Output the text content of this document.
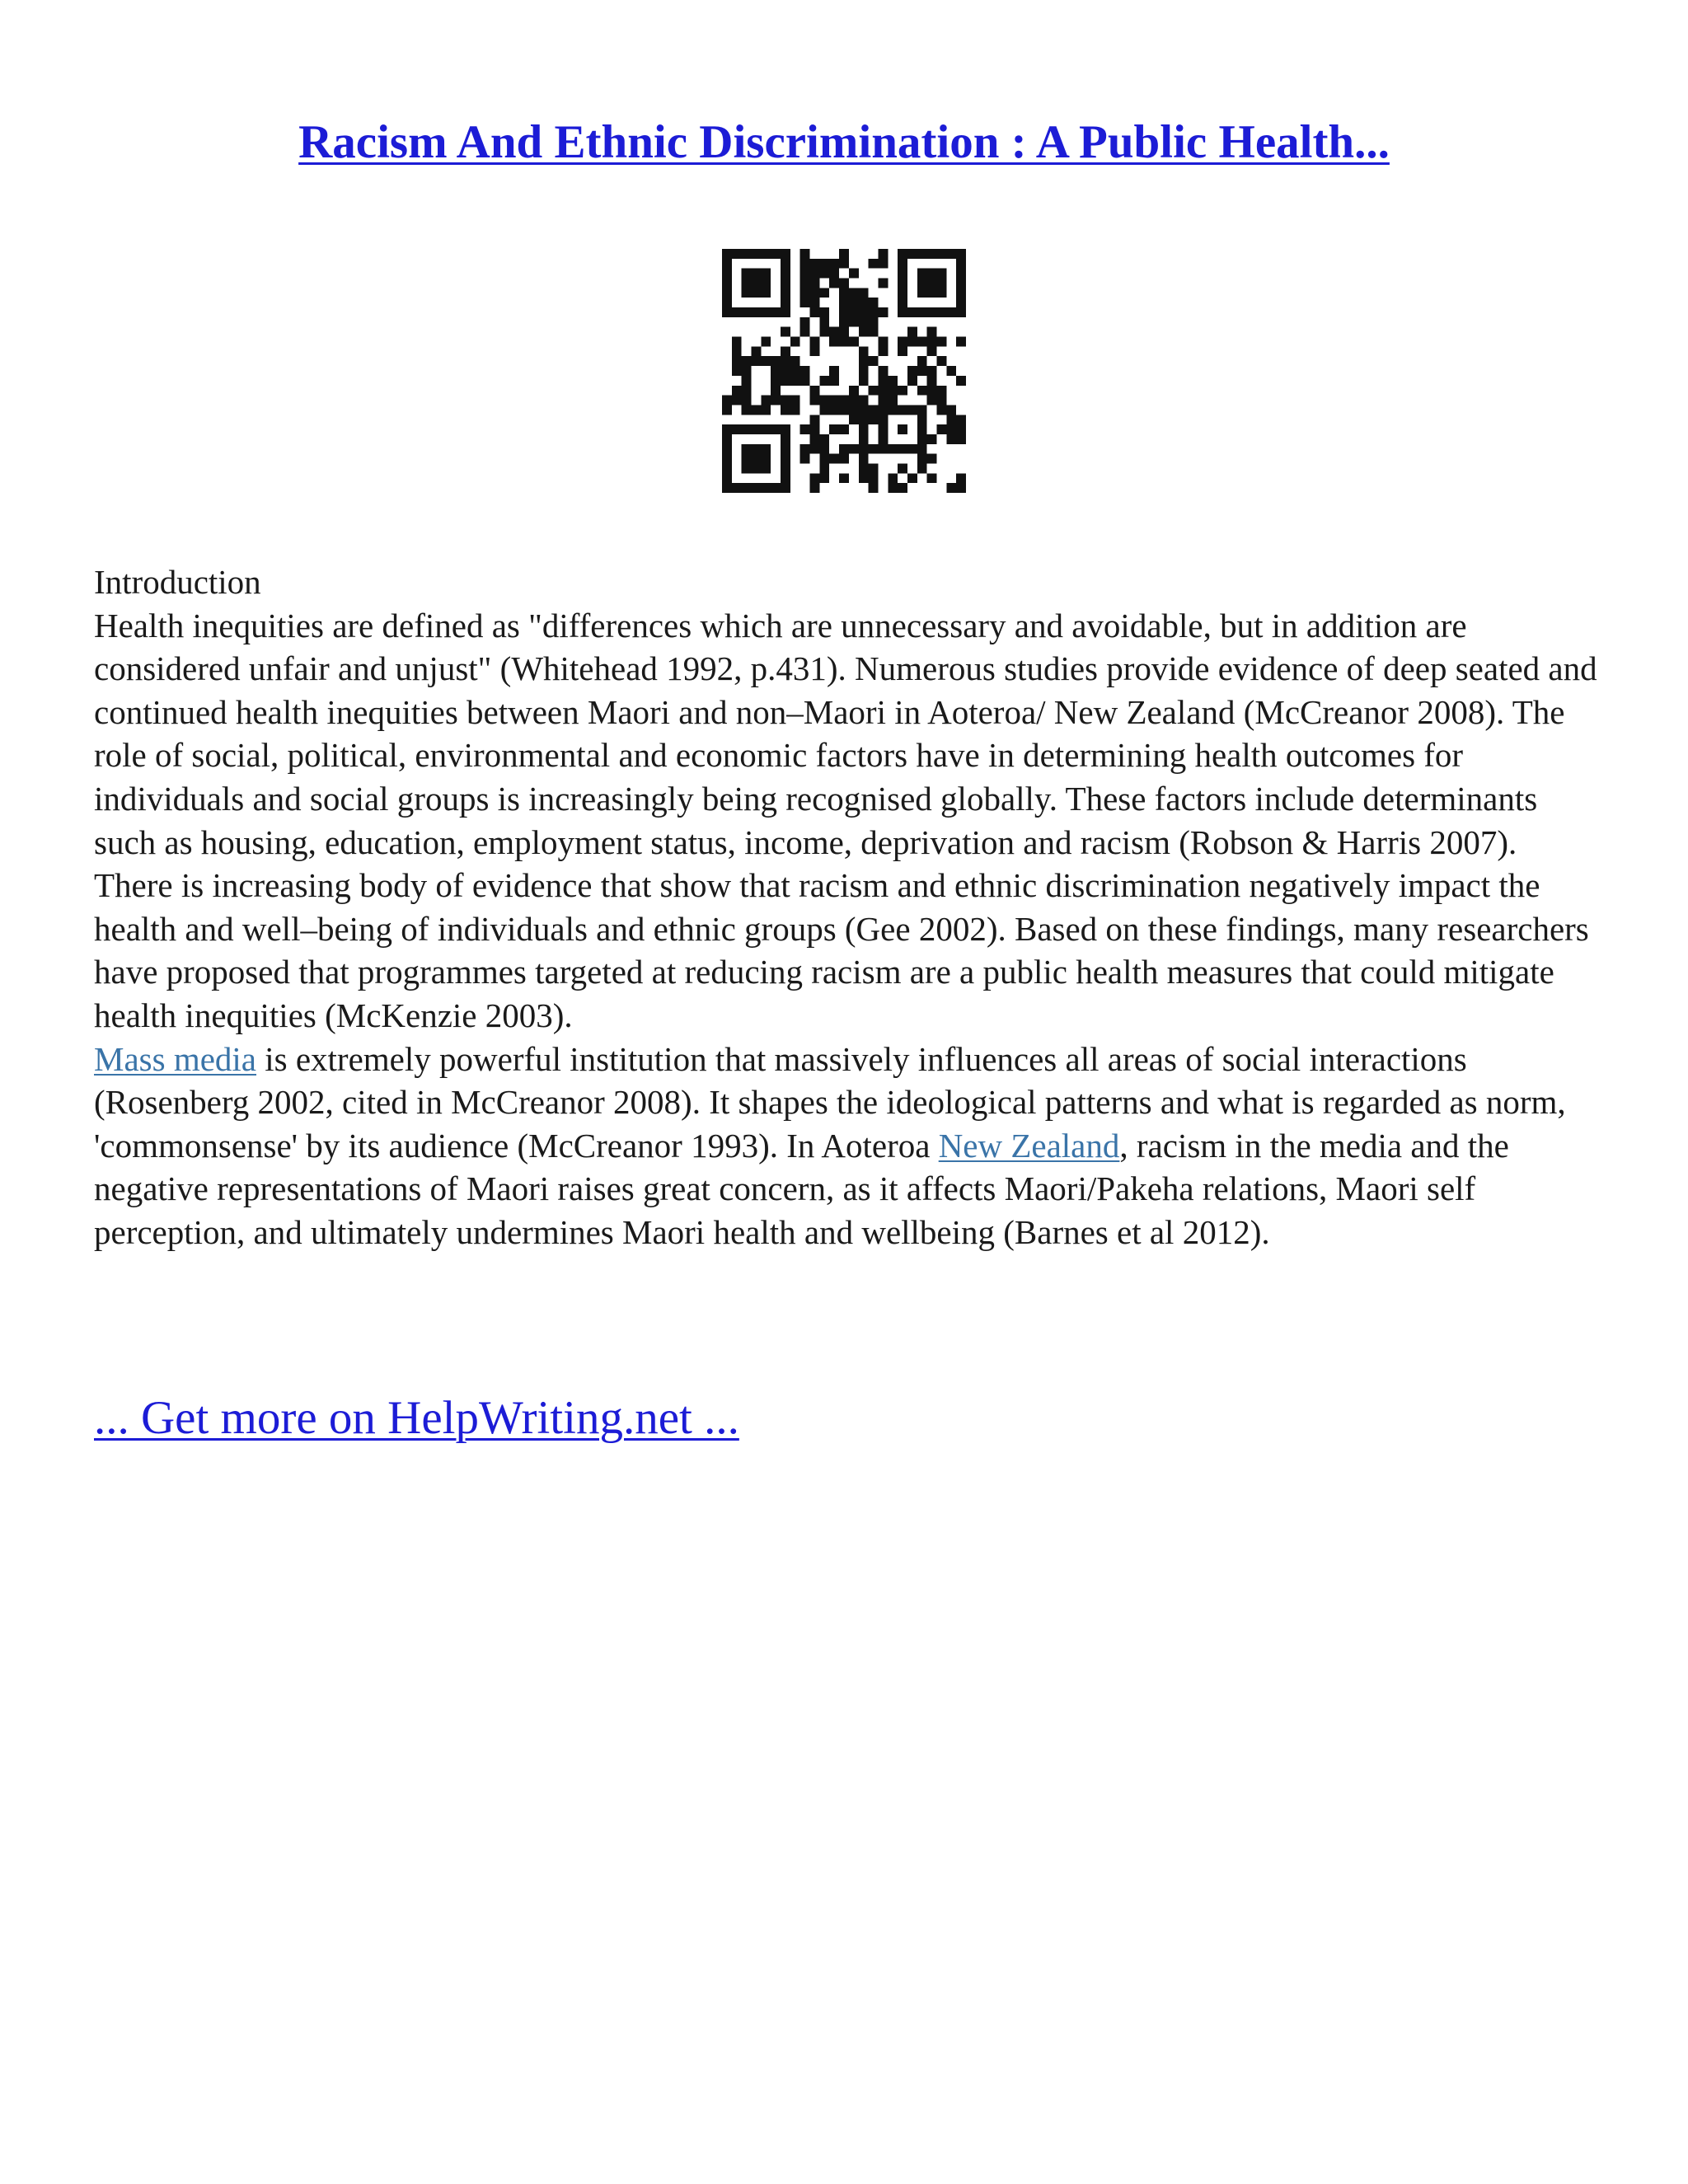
Racism And Ethnic Discrimination : A Public Health...

Introduction

Health inequities are defined as "differences which are unnecessary and avoidable, but in addition are considered unfair and unjust" (Whitehead 1992, p.431). Numerous studies provide evidence of deep seated and continued health inequities between Maori and non–Maori in Aoteroa/ New Zealand (McCreanor 2008). The role of social, political, environmental and economic factors have in determining health outcomes for individuals and social groups is increasingly being recognised globally. These factors include determinants such as housing, education, employment status, income, deprivation and racism (Robson & Harris 2007). There is increasing body of evidence that show that racism and ethnic discrimination negatively impact the health and well–being of individuals and ethnic groups (Gee 2002). Based on these findings, many researchers have proposed that programmes targeted at reducing racism are a public health measures that could mitigate health inequities (McKenzie 2003).

Mass media is extremely powerful institution that massively influences all areas of social interactions (Rosenberg 2002, cited in McCreanor 2008). It shapes the ideological patterns and what is regarded as norm, 'commonsense' by its audience (McCreanor 1993). In Aoteroa New Zealand, racism in the media and the negative representations of Maori raises great concern, as it affects Maori/Pakeha relations, Maori self perception, and ultimately undermines Maori health and wellbeing (Barnes et al 2012).

... Get more on HelpWriting.net ...
